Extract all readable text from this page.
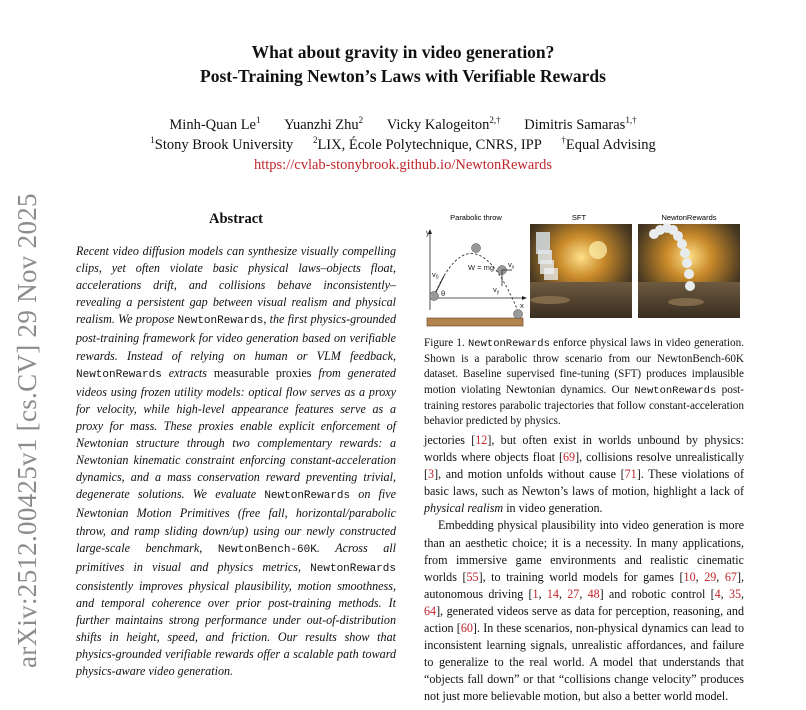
What about gravity in video generation?
Post-Training Newton’s Laws with Verifiable Rewards
Minh-Quan Le$^1$ Yuanzhi Zhu$^2$ Vicky Kalogeiton$^{2,\dagger}$ Dimitris Samaras$^{1,\dagger}$
$^1$Stony Brook University $^2$LIX, École Polytechnique, CNRS, IPP †Equal Advising
https://cvlab-stonybrook.github.io/NewtonRewards
arXiv:2512.00425v1 [cs.CV] 29 Nov 2025	Abstract
Recent video diffusion models can synthesize visually compelling clips, yet often violate basic physical laws–objects float, accelerations drift, and collisions behave inconsistently–revealing a persistent gap between visual realism and physical realism. We propose NewtonRewards, the first physics-grounded post-training framework for video generation based on verifiable rewards. Instead of relying on human or VLM feedback, NewtonRewards extracts measurable proxies from generated videos using frozen utility models: optical flow serves as a proxy for velocity, while high-level appearance features serve as a proxy for mass. These proxies enable explicit enforcement of Newtonian structure through two complementary rewards: a Newtonian kinematic constraint enforcing constant-acceleration dynamics, and a mass conservation reward preventing trivial, degenerate solutions. We evaluate NewtonRewards on five Newtonian Motion Primitives (free fall, horizontal/parabolic throw, and ramp sliding down/up) using our newly constructed large-scale benchmark, NewtonBench-60K. Across all primitives in visual and physics metrics, NewtonRewards consistently improves physical plausibility, motion smoothness, and temporal coherence over prior post-training methods. It further maintains strong performance under out-of-distribution shifts in height, speed, and friction. Our results show that physics-grounded verifiable rewards offer a scalable path toward physics-aware video generation.
Parabolic throw
y
x
$v_0$
θ
W = mg $v_x$
$v_y$
SFT	NewtonRewards
Figure 1. NewtonRewards enforce physical laws in video generation. Shown is a parabolic throw scenario from our NewtonBench-60K dataset. Baseline supervised fine-tuning (SFT) produces implausible motion violating Newtonian dynamics. Our NewtonRewards post-training restores parabolic trajectories that follow constant-acceleration behavior predicted by physics.

jectories [12], but often exist in worlds unbound by physics: worlds where objects float [69], collisions resolve unrealistically [3], and motion unfolds without cause [71]. These violations of basic laws, such as Newton’s laws of motion, highlight a lack of physical realism in video generation.

Embedding physical plausibility into video generation is more than an aesthetic choice; it is a necessity. In many applications, from immersive game environments and realistic cinematic worlds [55], to training world models for games [10, 29, 67], autonomous driving [1, 14, 27, 48] and robotic control [4, 35, 64], generated videos serve as data for perception, reasoning, and action [60]. In these scenarios, non-physical dynamics can lead to inconsistent learning signals, unrealistic affordances, and failure to generalize to the real world. A model that understands that “objects fall down” or that “collisions change velocity” produces not just more believable motion, but also a better world model.
